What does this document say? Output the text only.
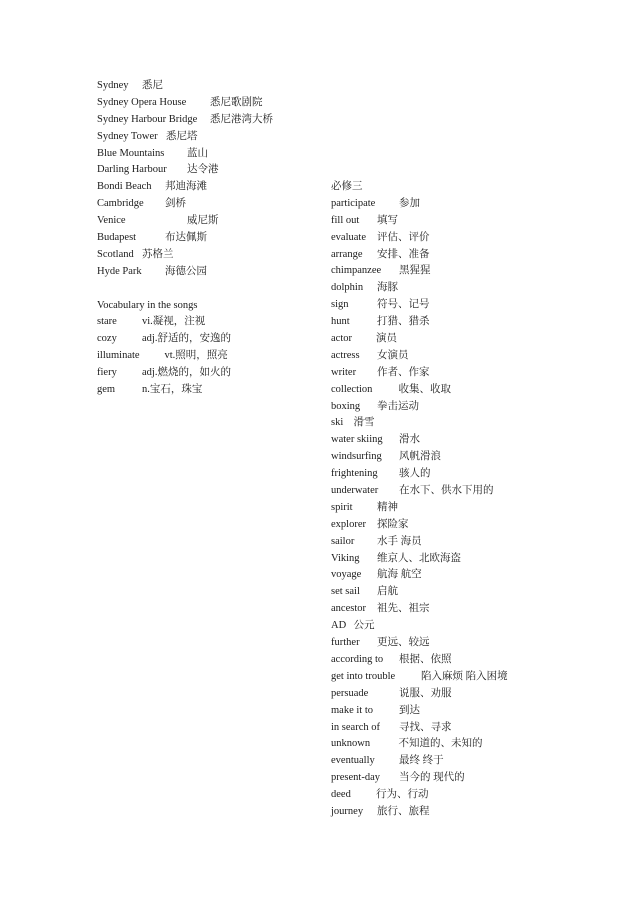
Sydney 悉尼
Sydney Opera House 悉尼歌剧院
Sydney Harbour Bridge 悉尼港湾大桥
Sydney Tower 悉尼塔
Blue Mountains 蓝山
Darling Harbour 达令港
Bondi Beach 邦迪海滩
Cambridge 剑桥
Venice	威尼斯
Budapest	布达佩斯
Scotland 苏格兰
Hyde Park 海德公园
Vocabulary in the songs
stare vi.凝视，注视
cozy adj.舒适的，安逸的
illuminate vt.照明，照亮
fiery adj.燃烧的，如火的
gem	n.宝石，珠宝
必修三
participate 参加
fill out 填写
evaluate 评估、评价
arrange 安排、准备
chimpanzee 黑猩猩
dolphin 海豚
sign	符号、记号
hunt	打猎、猎杀
actor 演员
actress 女演员
writer 作者、作家
collection 收集、收取
boxing 拳击运动
ski 滑雪
water skiing 滑水
windsurfing 风帆滑浪
frightening 骇人的
underwater 在水下、供水下用的
spirit 精神
explorer 探险家
sailor 水手 海员
Viking 维京人、北欧海盗
voyage 航海 航空
set sail 启航
ancestor 祖先、祖宗
AD 公元
further 更远、较远
according to 根据、依照
get into trouble 陷入麻烦 陷入困境
persuade	说服、劝服
make it to 到达
in search of 寻找、寻求
unknown	不知道的、未知的
eventually 最终 终于
present-day 当今的 现代的
deed 行为、行动
journey 旅行、旅程
